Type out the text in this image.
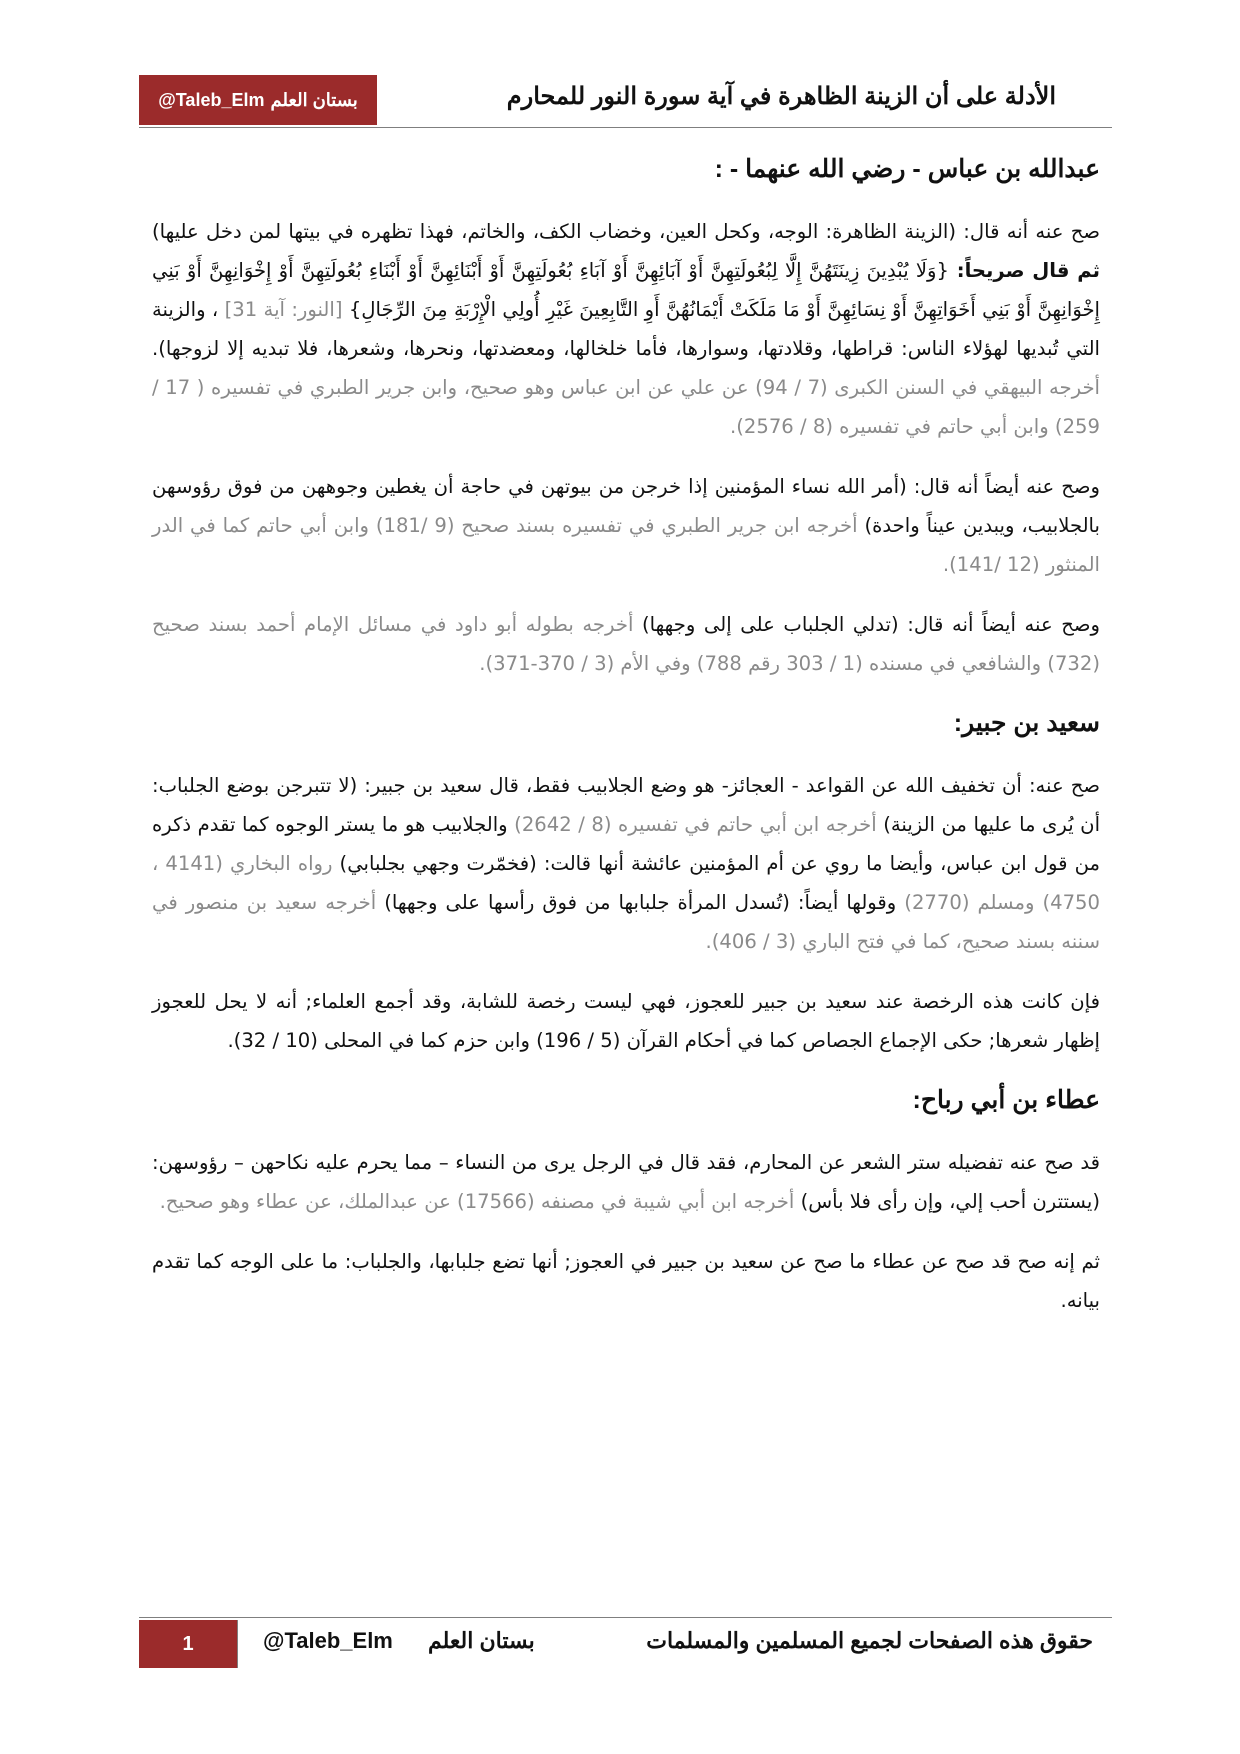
بستان العلم
@Taleb_Elm	الأدلة على أن الزينة الظاهرة في آية سورة النور للمحارم
عبدالله بن عباس - رضي الله عنهما - :

صح عنه أنه قال: (الزينة الظاهرة: الوجه، وكحل العين، وخضاب الكف، والخاتم، فهذا تظهره في بيتها لمن دخل عليها) ثم قال صريحاً: {وَلَا يُبْدِينَ زِينَتَهُنَّ إِلَّا لِبُعُولَتِهِنَّ أَوْ آبَائِهِنَّ أَوْ آبَاءِ بُعُولَتِهِنَّ أَوْ أَبْنَائِهِنَّ أَوْ أَبْنَاءِ بُعُولَتِهِنَّ أَوْ إِخْوَانِهِنَّ أَوْ بَنِي إِخْوَانِهِنَّ أَوْ بَنِي أَخَوَاتِهِنَّ أَوْ نِسَائِهِنَّ أَوْ مَا مَلَكَتْ أَيْمَانُهُنَّ أَوِ التَّابِعِينَ غَيْرِ أُولِي الْإِرْبَةِ مِنَ الرِّجَالِ} [النور: آية 31] ، والزينة التي تُبديها لهؤلاء الناس: قراطها، وقلادتها، وسوارها، فأما خلخالها، ومعضدتها، ونحرها، وشعرها، فلا تبديه إلا لزوجها). أخرجه البيهقي في السنن الكبرى (7 / 94) عن علي عن ابن عباس وهو صحيح، وابن جرير الطبري في تفسيره ( 17 / 259) وابن أبي حاتم في تفسيره (8 / 2576).

وصح عنه أيضاً أنه قال: (أمر الله نساء المؤمنين إذا خرجن من بيوتهن في حاجة أن يغطين وجوههن من فوق رؤوسهن بالجلابيب، ويبدين عيناً واحدة) أخرجه ابن جرير الطبري في تفسيره بسند صحيح (9 /181) وابن أبي حاتم كما في الدر المنثور (12 /141).

وصح عنه أيضاً أنه قال: (تدلي الجلباب على إلى وجهها) أخرجه بطوله أبو داود في مسائل الإمام أحمد بسند صحيح (732) والشافعي في مسنده (1 / 303 رقم 788) وفي الأم (3 / 370-371).

سعيد بن جبير:

صح عنه: أن تخفيف الله عن القواعد - العجائز- هو وضع الجلابيب فقط، قال سعيد بن جبير: (لا تتبرجن بوضع الجلباب: أن يُرى ما عليها من الزينة) أخرجه ابن أبي حاتم في تفسيره (8 / 2642) والجلابيب هو ما يستر الوجوه كما تقدم ذكره من قول ابن عباس، وأيضا ما روي عن أم المؤمنين عائشة أنها قالت: (فخمّرت وجهي بجلبابي) رواه البخاري (4141 ، 4750) ومسلم (2770) وقولها أيضاً: (تُسدل المرأة جلبابها من فوق رأسها على وجهها) أخرجه سعيد بن منصور في سننه بسند صحيح، كما في فتح الباري (3 / 406).

فإن كانت هذه الرخصة عند سعيد بن جبير للعجوز، فهي ليست رخصة للشابة، وقد أجمع العلماء; أنه لا يحل للعجوز إظهار شعرها; حكى الإجماع الجصاص كما في أحكام القرآن (5 / 196) وابن حزم كما في المحلى (10 / 32).

عطاء بن أبي رباح:

قد صح عنه تفضيله ستر الشعر عن المحارم، فقد قال في الرجل يرى من النساء – مما يحرم عليه نكاحهن – رؤوسهن: (يستترن أحب إلي، وإن رأى فلا بأس) أخرجه ابن أبي شيبة في مصنفه (17566) عن عبدالملك، عن عطاء وهو صحيح.

ثم إنه صح قد صح عن عطاء ما صح عن سعيد بن جبير في العجوز; أنها تضع جلبابها، والجلباب: ما على الوجه كما تقدم بيانه.

1	@Taleb_Elm بستان العلم	حقوق هذه الصفحات لجميع المسلمين والمسلمات
